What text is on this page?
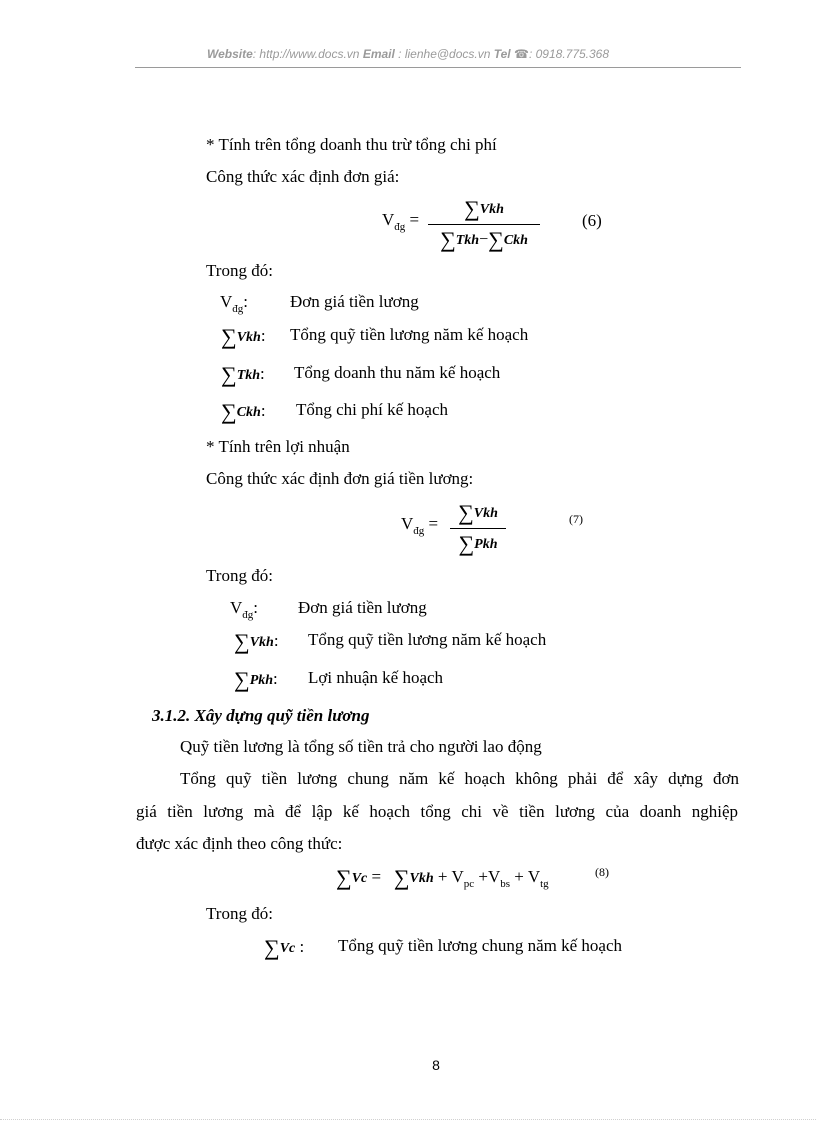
Website: http://www.docs.vn Email : lienhe@docs.vn Tel ☎: 0918.775.368
* Tính trên tổng doanh thu trừ tổng chi phí
Công thức xác định đơn giá:
$V_{đg}$ =	∑Vkh
∑Tkh−∑Ckh
(6)
Trong đó:
$V_{đg}$: Đơn giá tiền lương
∑Vkh: Tổng quỹ tiền lương năm kế hoạch
∑Tkh: Tổng doanh thu năm kế hoạch
∑Ckh: Tổng chi phí kế hoạch
* Tính trên lợi nhuận
Công thức xác định đơn giá tiền lương:
$V_{đg} = \sum Vkh$
∑Pkh
(7)
Trong đó:
$V_{đg}$: Đơn giá tiền lương
∑Vkh: Tổng quỹ tiền lương năm kế hoạch
∑Pkh: Lợi nhuận kế hoạch
3.1.2. Xây dựng quỹ tiền lương
Quỹ tiền lương là tổng số tiền trả cho người lao động
Tổng quỹ tiền lương chung năm kế hoạch không phải để xây dựng đơn
giá tiền lương mà để lập kế hoạch tổng chi về tiền lương của doanh nghiệp
được xác định theo công thức:
$\sum Vc = \sum Vkh + V_{pc} +V_{bs} + V_{tg}$
(8)
Trong đó:
∑Vc : Tổng quỹ tiền lương chung năm kế hoạch
8
